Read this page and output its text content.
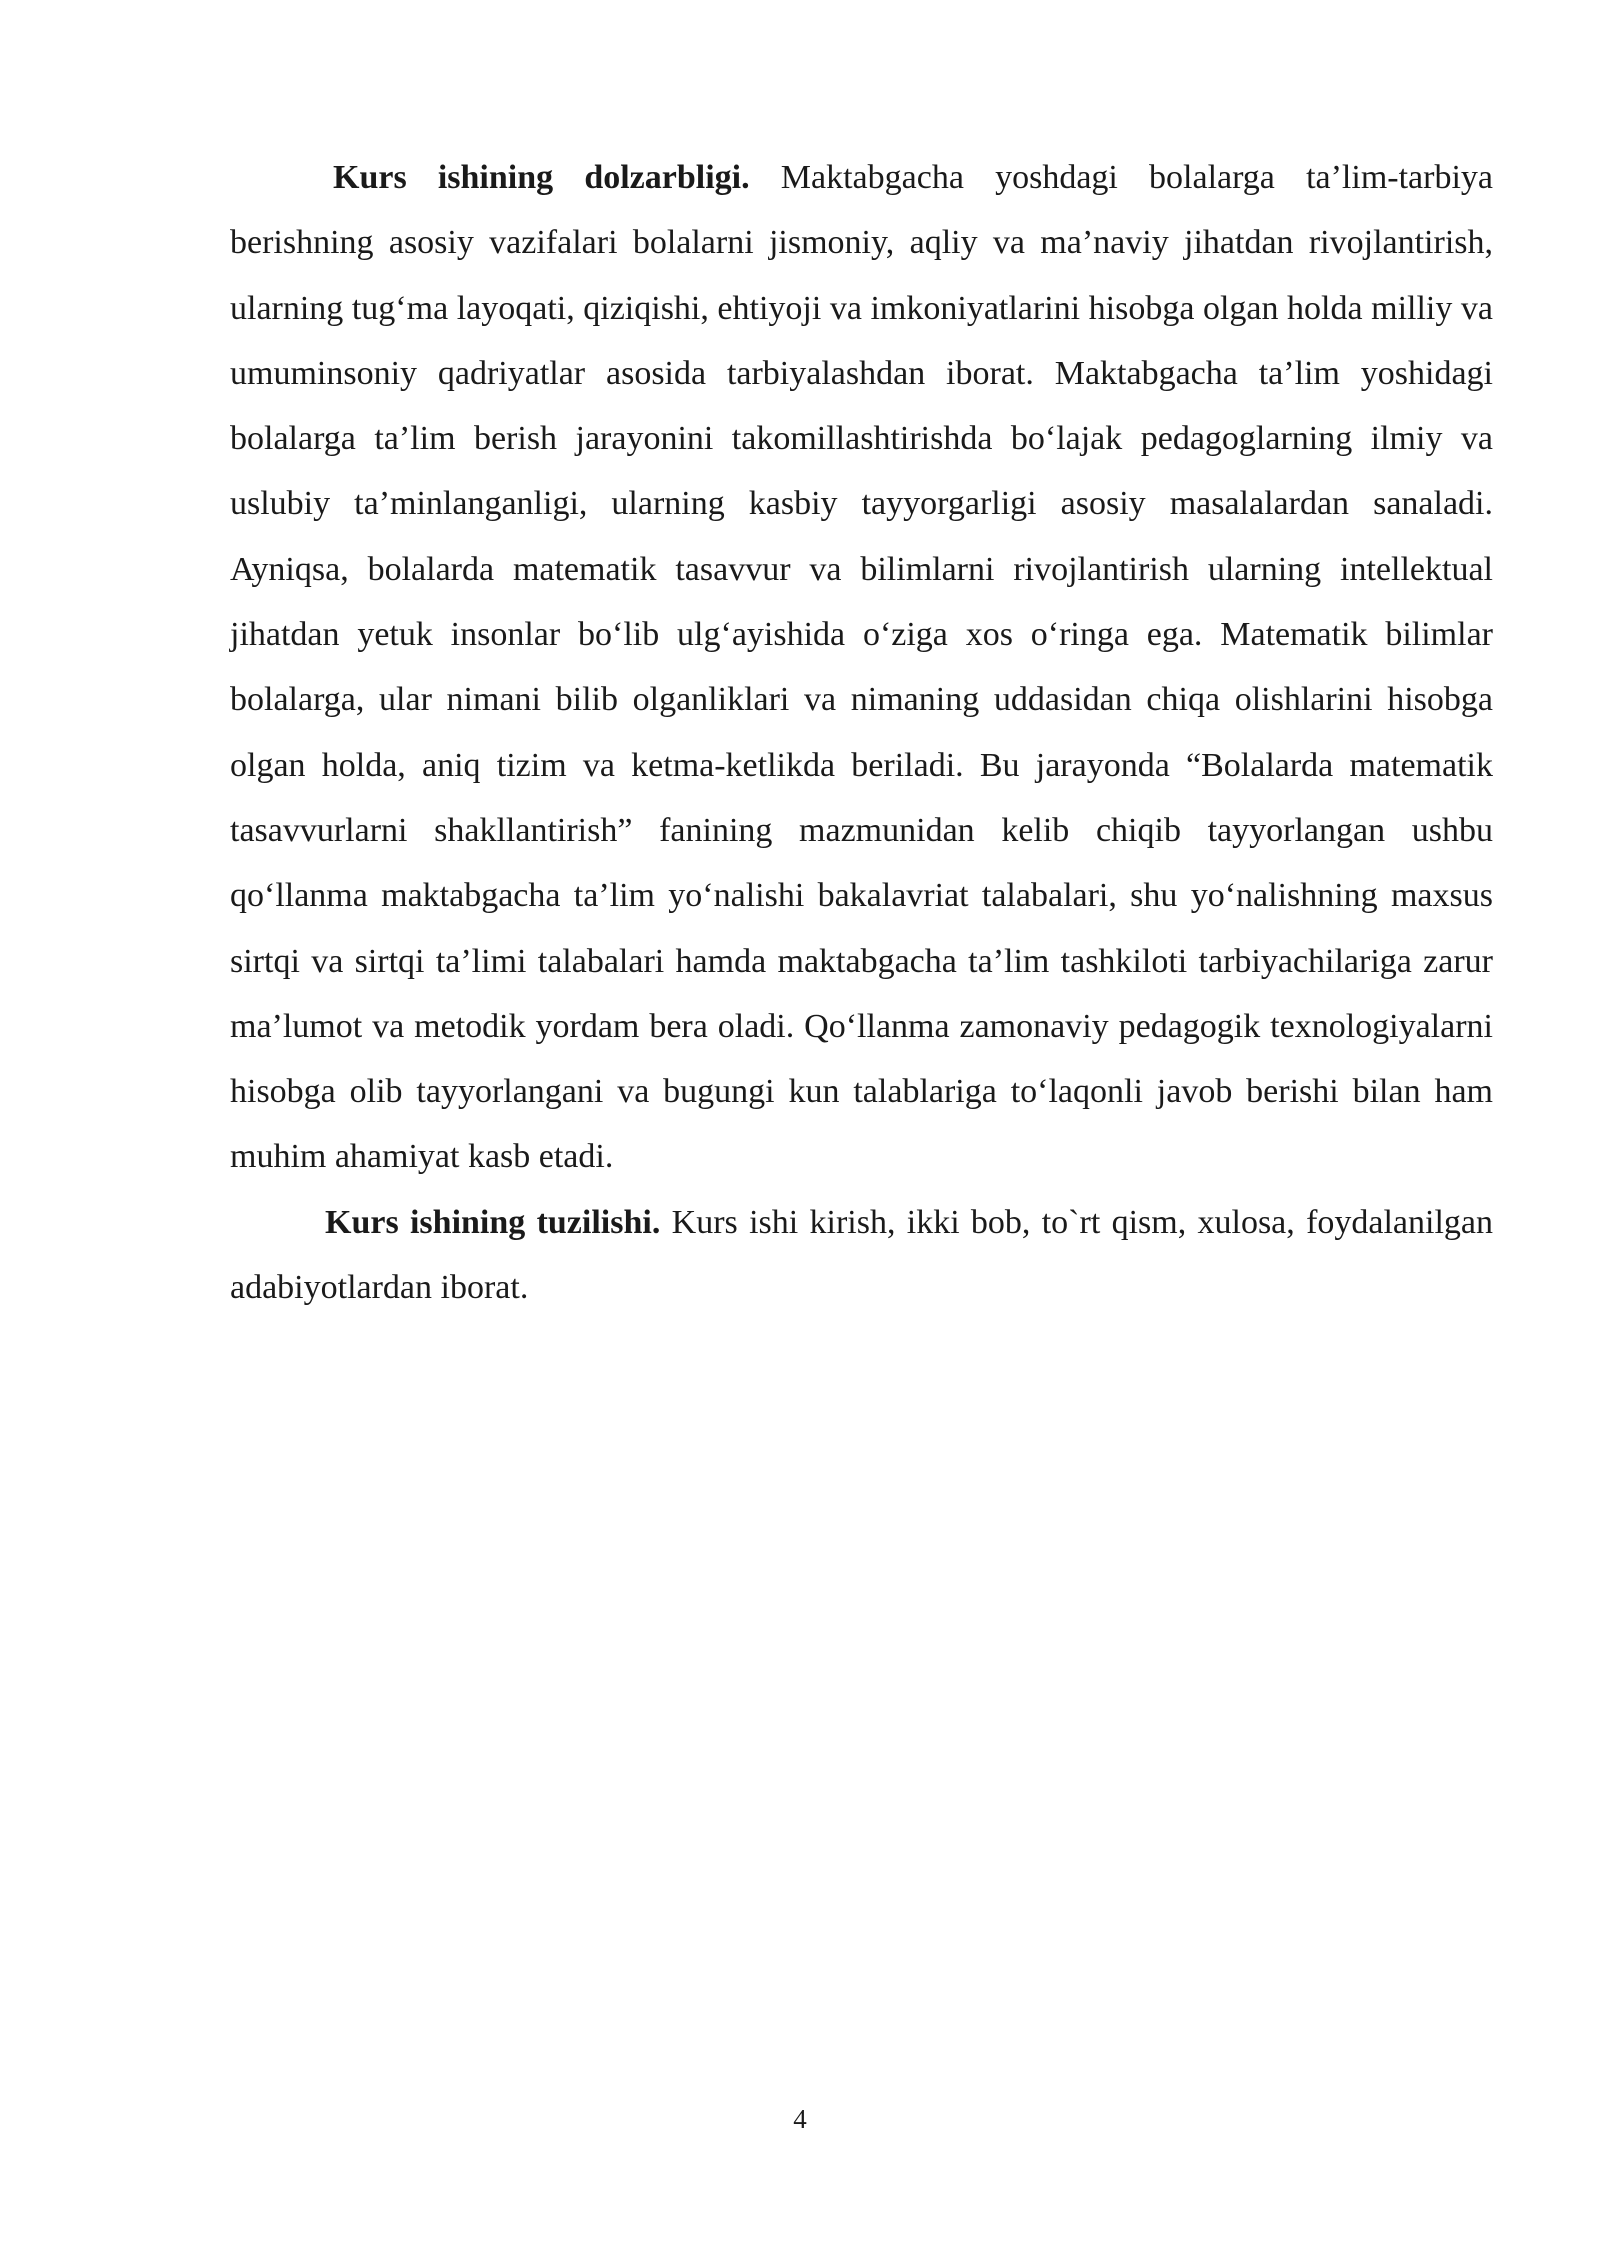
Kurs ishining dolzarbligi. Maktabgacha yoshdagi bolalarga ta’lim-tarbiya berishning asosiy vazifalari bolalarni jismoniy, aqliy va ma’naviy jihatdan rivojlantirish, ularning tug‘ma layoqati, qiziqishi, ehtiyoji va imkoniyatlarini hisobga olgan holda milliy va umuminsoniy qadriyatlar asosida tarbiyalashdan iborat. Maktabgacha ta’lim yoshidagi bolalarga ta’lim berish jarayonini takomillashtirishda bo‘lajak pedagoglarning ilmiy va uslubiy ta’minlanganligi, ularning kasbiy tayyorgarligi asosiy masalalardan sanaladi. Ayniqsa, bolalarda matematik tasavvur va bilimlarni rivojlantirish ularning intellektual jihatdan yetuk insonlar bo‘lib ulg‘ayishida o‘ziga xos o‘ringa ega. Matematik bilimlar bolalarga, ular nimani bilib olganliklari va nimaning uddasidan chiqa olishlarini hisobga olgan holda, aniq tizim va ketma-ketlikda beriladi. Bu jarayonda “Bolalarda matematik tasavvurlarni shakllantirish” fanining mazmunidan kelib chiqib tayyorlangan ushbu qo‘llanma maktabgacha ta’lim yo‘nalishi bakalavriat talabalari, shu yo‘nalishning maxsus sirtqi va sirtqi ta’limi talabalari hamda maktabgacha ta’lim tashkiloti tarbiyachilariga zarur ma’lumot va metodik yordam bera oladi. Qo‘llanma zamonaviy pedagogik texnologiyalarni hisobga olib tayyorlangani va bugungi kun talablariga to‘laqonli javob berishi bilan ham muhim ahamiyat kasb etadi.

Kurs ishining tuzilishi. Kurs ishi kirish, ikki bob, to`rt qism, xulosa, foydalanilgan adabiyotlardan iborat.

4
